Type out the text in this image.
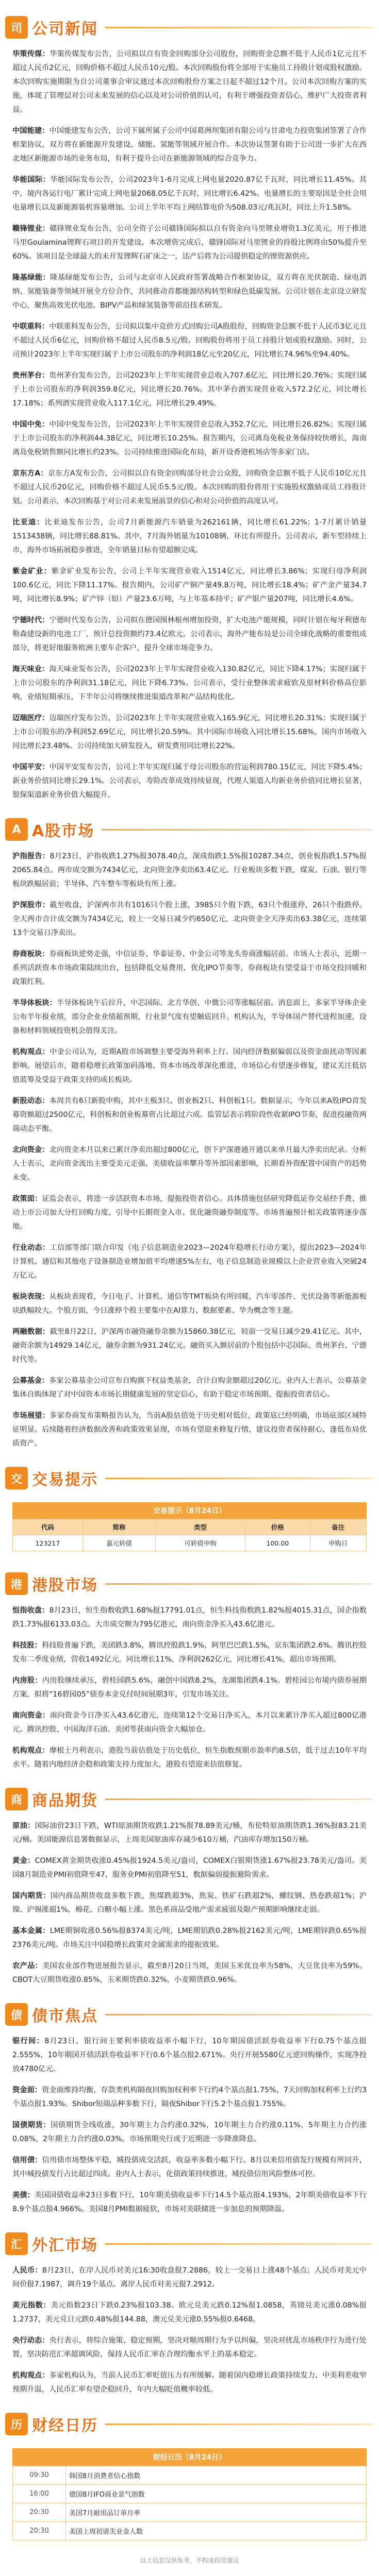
司 公司新闻

华策传媒：华策传媒发布公告，公司拟以自有资金回购部分公司股份，回购资金总额不低于人民币1亿元且不超过人民币2亿元，回购价格不超过人民币10元/股。本次回购股份将全部用于实施员工持股计划或股权激励。本次回购实施期限为自公司董事会审议通过本次回购股份方案之日起不超过12个月。公司本次回购方案的实施，体现了管理层对公司未来发展的信心以及对公司价值的认可，有利于增强投资者信心，维护广大投资者利益。

中国能建：中国能建发布公告，公司下属所属子公司中国葛洲坝集团有限公司与甘肃电力投资集团签署了合作框架协议，双方将在新能源开发建设、储能、氢能等领域开展合作。本次协议签署有助于公司进一步扩大在西北地区新能源市场的业务布局，有利于提升公司在新能源领域的综合竞争力。

华能国际：华能国际发布公告，公司2023年1-6月完成上网电量2020.87亿千瓦时，同比增长11.45%。其中，境内各运行电厂累计完成上网电量2068.05亿千瓦时，同比增长6.42%。电量增长的主要原因是全社会用电量增长以及新能源装机容量增加。公司上半年平均上网结算电价为508.03元/兆瓦时，同比上升1.58%。

赣锋锂业：赣锋锂业发布公告，公司全资子公司赣锋国际拟以自有资金向马里锂业增资1.3亿美元，用于推进马里Goulamina锂辉石项目的开发建设。本次增资完成后，赣锋国际对马里锂业的持股比例将由50%提升至60%。该项目是全球最大的未开发锂辉石矿床之一，达产后将为公司提供稳定的锂资源供应。

隆基绿能：隆基绿能发布公告，公司与北京市人民政府签署战略合作框架协议，双方将在光伏制造、绿电消纳、氢能装备等领域开展全方位合作，共同推动首都能源结构转型和绿色低碳发展。公司计划在北京设立研发中心，聚焦高效光伏电池、BIPV产品和绿氢装备等前沿技术研发。

中联重科：中联重科发布公告，公司拟以集中竞价方式回购公司A股股份，回购资金总额不低于人民币3亿元且不超过人民币6亿元，回购价格不超过人民币8.5元/股。回购股份将用于员工持股计划或股权激励。同时，公司预计2023年上半年实现归属于上市公司股东的净利润18亿元至20亿元，同比增长74.96%至94.40%。

贵州茅台：贵州茅台发布公告，公司2023年上半年实现营业总收入707.6亿元，同比增长20.76%；实现归属于上市公司股东的净利润359.8亿元，同比增长20.76%。其中茅台酒实现营业收入572.2亿元，同比增长17.18%；系列酒实现营业收入117.1亿元，同比增长29.49%。

中国中免：中国中免发布公告，公司2023年上半年实现营业总收入352.7亿元，同比增长26.82%；实现归属于上市公司股东的净利润44.38亿元，同比增长10.25%。报告期内，公司离岛免税业务保持较快增长，海南离岛免税销售额同比增长约23%。公司持续推进国际化布局，新开设香港机场店等多家门店。

京东方A：京东方A发布公告，公司拟以自有资金回购部分社会公众股，回购资金总额不低于人民币10亿元且不超过人民币20亿元，回购价格不超过人民币5.5元/股。本次回购的股份将用于实施股权激励或员工持股计划。公司表示，本次回购基于对公司未来发展前景的信心和对公司价值的高度认可。

比亚迪：比亚迪发布公告，公司7月新能源汽车销量为262161辆，同比增长61.22%；1-7月累计销量1513438辆，同比增长88.81%。其中，7月海外销量为10108辆，环比有所提升。公司表示，新车型持续上市，海外市场拓展稳步推进，全年销量目标有望超额完成。

紫金矿业：紫金矿业发布公告，公司上半年实现营业收入1514亿元，同比增长3.86%；实现归母净利润100.6亿元，同比下降11.17%。报告期内，公司矿产铜产量49.8万吨，同比增长18.4%；矿产金产量34.7吨，同比增长8.9%；矿产锌（铅）产量23.6万吨，与上年基本持平；矿产银产量207吨，同比增长4.6%。

宁德时代：宁德时代发布公告，公司拟在德国图林根州增加投资，扩大电池产能规模，同时计划在匈牙利德布勒森建设新的电池工厂，预计总投资额约73.4亿欧元。公司表示，海外产能布局是公司全球化战略的重要组成部分，将更好地服务欧洲主要车企客户，提升全球市场竞争力。

海天味业：海天味业发布公告，公司2023年上半年实现营业收入130.82亿元，同比下降4.17%；实现归属于上市公司股东的净利润31.18亿元，同比下降6.73%。公司表示，受行业整体需求疲软及原材料价格高位影响，业绩短期承压，下半年公司将继续推进渠道改革和产品结构优化。

迈瑞医疗：迈瑞医疗发布公告，公司2023年上半年实现营业收入165.9亿元，同比增长20.31%；实现归属于上市公司股东的净利润52.69亿元，同比增长20.59%。其中国际市场收入同比增长15.68%，国内市场收入同比增长23.48%。公司持续加大研发投入，研发费用同比增长22%。

中国平安：中国平安发布公告，公司上半年实现归属于母公司股东的营运利润780.15亿元，同比下降5.4%；新业务价值同比增长29.1%。公司表示，寿险改革成效持续显现，代理人渠道人均新业务价值同比增长显著，银保渠道新业务价值大幅提升。

A A股市场

沪指报告：8月23日，沪指收跌1.27%报3078.40点，深成指跌1.5%报10287.34点，创业板指跌1.57%报2065.84点。两市成交额为7434亿元，北向资金净卖出63.4亿元。行业板块多数下跌，煤炭、石油、银行等板块跌幅居前；半导体、汽车整车等板块有所上涨。

沪深股市：截至收盘，沪深两市共有1016只个股上涨，3985只个股下跌，63只个股涨停，26只个股跌停。全天两市合计成交额为7434亿元，较上一交易日减少约650亿元，北向资金全天净卖出63.38亿元，连续第13个交易日净卖出。

券商板块：券商板块逆势走强，中信证券、华泰证券、中金公司等龙头券商涨幅居前。市场人士表示，近期一系列活跃资本市场政策陆续出台，包括降低交易费用、优化IPO节奏等，券商板块有望受益于市场交投回暖和政策红利。

半导体板块：半导体板块午后拉升，中芯国际、北方华创、中微公司等涨幅居前。消息面上，多家半导体企业公布半年报业绩，部分企业业绩超预期，行业景气度有望触底回升。机构认为，半导体国产替代进程加速，设备和材料领域投资机会值得关注。

机构观点：中金公司认为，近期A股市场调整主要受海外利率上行、国内经济数据偏弱以及资金面扰动等因素影响。展望后市，随着稳增长政策加码落地、资本市场改革深化推进，市场信心有望逐步修复，建议关注低估值蓝筹及受益于政策支持的成长板块。

新股动态：本周共有6只新股申购，其中主板3只、创业板2只、科创板1只。数据显示，今年以来A股IPO首发募资额超过2500亿元，科创板和创业板募资占比超过六成。监管层表示将阶段性收紧IPO节奏，促进投融资两端动态平衡。

北向资金：北向资金本月以来已累计净卖出超过800亿元，创下沪深港通开通以来单月最大净卖出纪录。分析人士表示，北向资金流出主要受美元走强、美债收益率攀升等外部因素影响，长期看外资配置中国资产的趋势未变。

政策面：证监会表示，将进一步活跃资本市场，提振投资者信心。具体措施包括研究降低证券交易经手费、推动上市公司加大分红回购力度、引导中长期资金入市、优化融资融券制度等。市场普遍预计相关政策将逐步落地。

行业动态：工信部等部门联合印发《电子信息制造业2023—2024年稳增长行动方案》，提出2023—2024年计算机、通信和其他电子设备制造业增加值平均增速5%左右，电子信息制造业规模以上企业营业收入突破24万亿元。

板块表现：从板块表现看，今日电子、计算机、通信等TMT板块有所回暖，汽车零部件、光伏设备等新能源板块跌幅较大。个股方面，今日涨停个股主要集中在AI算力、数据要素、华为概念等主题。

两融数据：截至8月22日，沪深两市融资融券余额为15860.38亿元，较前一交易日减少29.41亿元。其中，融资余额为14929.14亿元，融券余额为931.24亿元。融资买入额居前的个股包括中芯国际、贵州茅台、宁德时代等。

公募基金：多家公募基金公司宣布自购旗下权益类基金，合计自购金额超过20亿元。业内人士表示，公募基金集体自购体现了对中国资本市场长期健康发展的坚定信心，有助于稳定市场预期、提振投资者信心。

市场展望：多家券商发布策略报告认为，当前A股估值处于历史相对低位，政策底已经明确，市场底部区域特征明显。后续随着经济数据改善和政策效果显现，市场有望迎来修复行情，建议投资者保持耐心，逢低布局优质资产。

交 交易提示
交易提示（8月24日）
代码	简称	类型	价格	备注
123217	嘉元转债	可转债申购	100.00	申购日
港 港股市场

恒指收盘：8月23日，恒生指数收跌1.68%报17791.01点，恒生科技指数跌1.82%报4015.31点，国企指数跌1.73%报6133.03点。大市成交额为795亿港元，南向资金净买入43.6亿港元。

科技股：科技股普遍下跌，美团跌3.8%，腾讯控股跌1.9%，阿里巴巴跌1.5%，京东集团跌2.6%。腾讯控股发布二季度业绩，营收1492亿元，同比增长11%，净利润262亿元，同比增长41%，超出市场预期。

内房股：内房股继续承压，碧桂园跌5.6%，融创中国跌8.2%，龙湖集团跌4.1%。碧桂园公布境内债券展期方案，拟将“16碧园05”债券本金兑付时间展期3年，引发市场关注。

南向资金：南向资金今日净买入43.6亿港元，连续第12个交易日净买入，本月以来累计净买入超过800亿港元。腾讯控股、中国海洋石油、美团等获南向资金大幅加仓。

机构观点：摩根士丹利表示，港股当前估值处于历史低位，恒生指数预期市盈率约8.5倍，低于过去10年平均水平。随着内地经济企稳和政策支持力度加大，港股有望迎来估值修复。

商 商品期货

原油：国际油价23日下跌，WTI原油期货收跌1.21%报78.89美元/桶，布伦特原油期货跌1.36%报83.21美元/桶。美国能源信息署数据显示，上周美国原油库存减少610万桶，汽油库存增加150万桶。

黄金：COMEX黄金期货收涨0.45%报1924.5美元/盎司，COMEX白银期货涨1.67%报23.78美元/盎司。美国8月制造业PMI初值降至47，服务业PMI初值降至51，数据偏弱提振避险需求。

国内期货：国内商品期货收盘多数下跌，焦煤跌超3%，焦炭、铁矿石跌超2%，螺纹钢、热卷跌超1%；沪镍、沪锡涨超1%，棉花、白糖小幅上涨。黑色系商品受地产需求疲弱及限产预期影响继续走弱。

基本金属：LME期铜收涨0.56%报8374美元/吨，LME期铝跌0.28%报2162美元/吨，LME期锌跌0.65%报2376美元/吨。市场关注中国稳增长政策对金属需求的提振效果。

农产品：美国农业部作物进展报告显示，截至8月20日当周，美国玉米优良率为58%，大豆优良率为59%。CBOT大豆期货收涨0.85%，玉米期货跌0.32%，小麦期货跌0.96%。

债 债市焦点

银行间：8月23日，银行间主要利率债收益率小幅下行，10年期国债活跃券收益率下行0.75个基点报2.555%，10年期国开债活跃券收益率下行0.6个基点报2.671%。央行开展5580亿元逆回购操作，实现净投放4780亿元。

资金面：资金面维持均衡，存款类机构隔夜回购加权利率下行约4个基点报1.75%，7天回购加权利率上行约3个基点报1.93%。Shibor短端品种多数下行，隔夜Shibor下行5.2个基点报1.755%。

国债期货：国债期货全线收涨，30年期主力合约涨0.32%，10年期主力合约涨0.11%，5年期主力合约涨0.08%，2年期主力合约涨0.03%。市场预期央行或于近期进一步降准降息。

信用债：信用债市场整体平稳，城投债成交活跃，收益率多数小幅下行。8月以来信用债发行规模有所回升，其中城投债发行占比超过四成。业内人士表示，化债政策持续推进，城投债信用风险整体可控。

美债：美国国债收益率23日多数下行，10年期美债收益率下行14.5个基点报4.193%，2年期美债收益率下行8.9个基点报4.966%。美国8月PMI数据疲软，市场对美联储进一步加息的预期降温。

汇 外汇市场

人民币：8月23日，在岸人民币对美元16:30收盘报7.2886，较上一交易日上涨48个基点；人民币对美元中间价报7.1987，调升19个基点。离岸人民币对美元报7.2912。

美元指数：美元指数23日下跌0.23%报103.38。欧元兑美元跌0.12%报1.0858，英镑兑美元涨0.08%报1.2737，美元兑日元跌0.48%报144.88，澳元兑美元涨0.55%报0.6468。

央行动态：央行表示，将综合施策、稳定预期，坚决对顺周期行为予以纠偏，坚决对扰乱市场秩序行为进行处置，坚决防范汇率超调风险，保持人民币汇率在合理均衡水平上的基本稳定。

机构观点：多家机构认为，当前人民币汇率贬值压力有所缓解。随着国内稳增长政策持续发力、中美利差收窄预期升温，人民币汇率有望企稳回升，年内大幅贬值概率较低。

历 财经日历
财经日历（8月24日）
09:30	韩国8月消费者信心指数
16:00	德国8月IFO商业景气指数
20:30	美国7月耐用品订单月率
20:30	美国上周初请失业金人数
以上信息仅供参考，不构成投资建议
